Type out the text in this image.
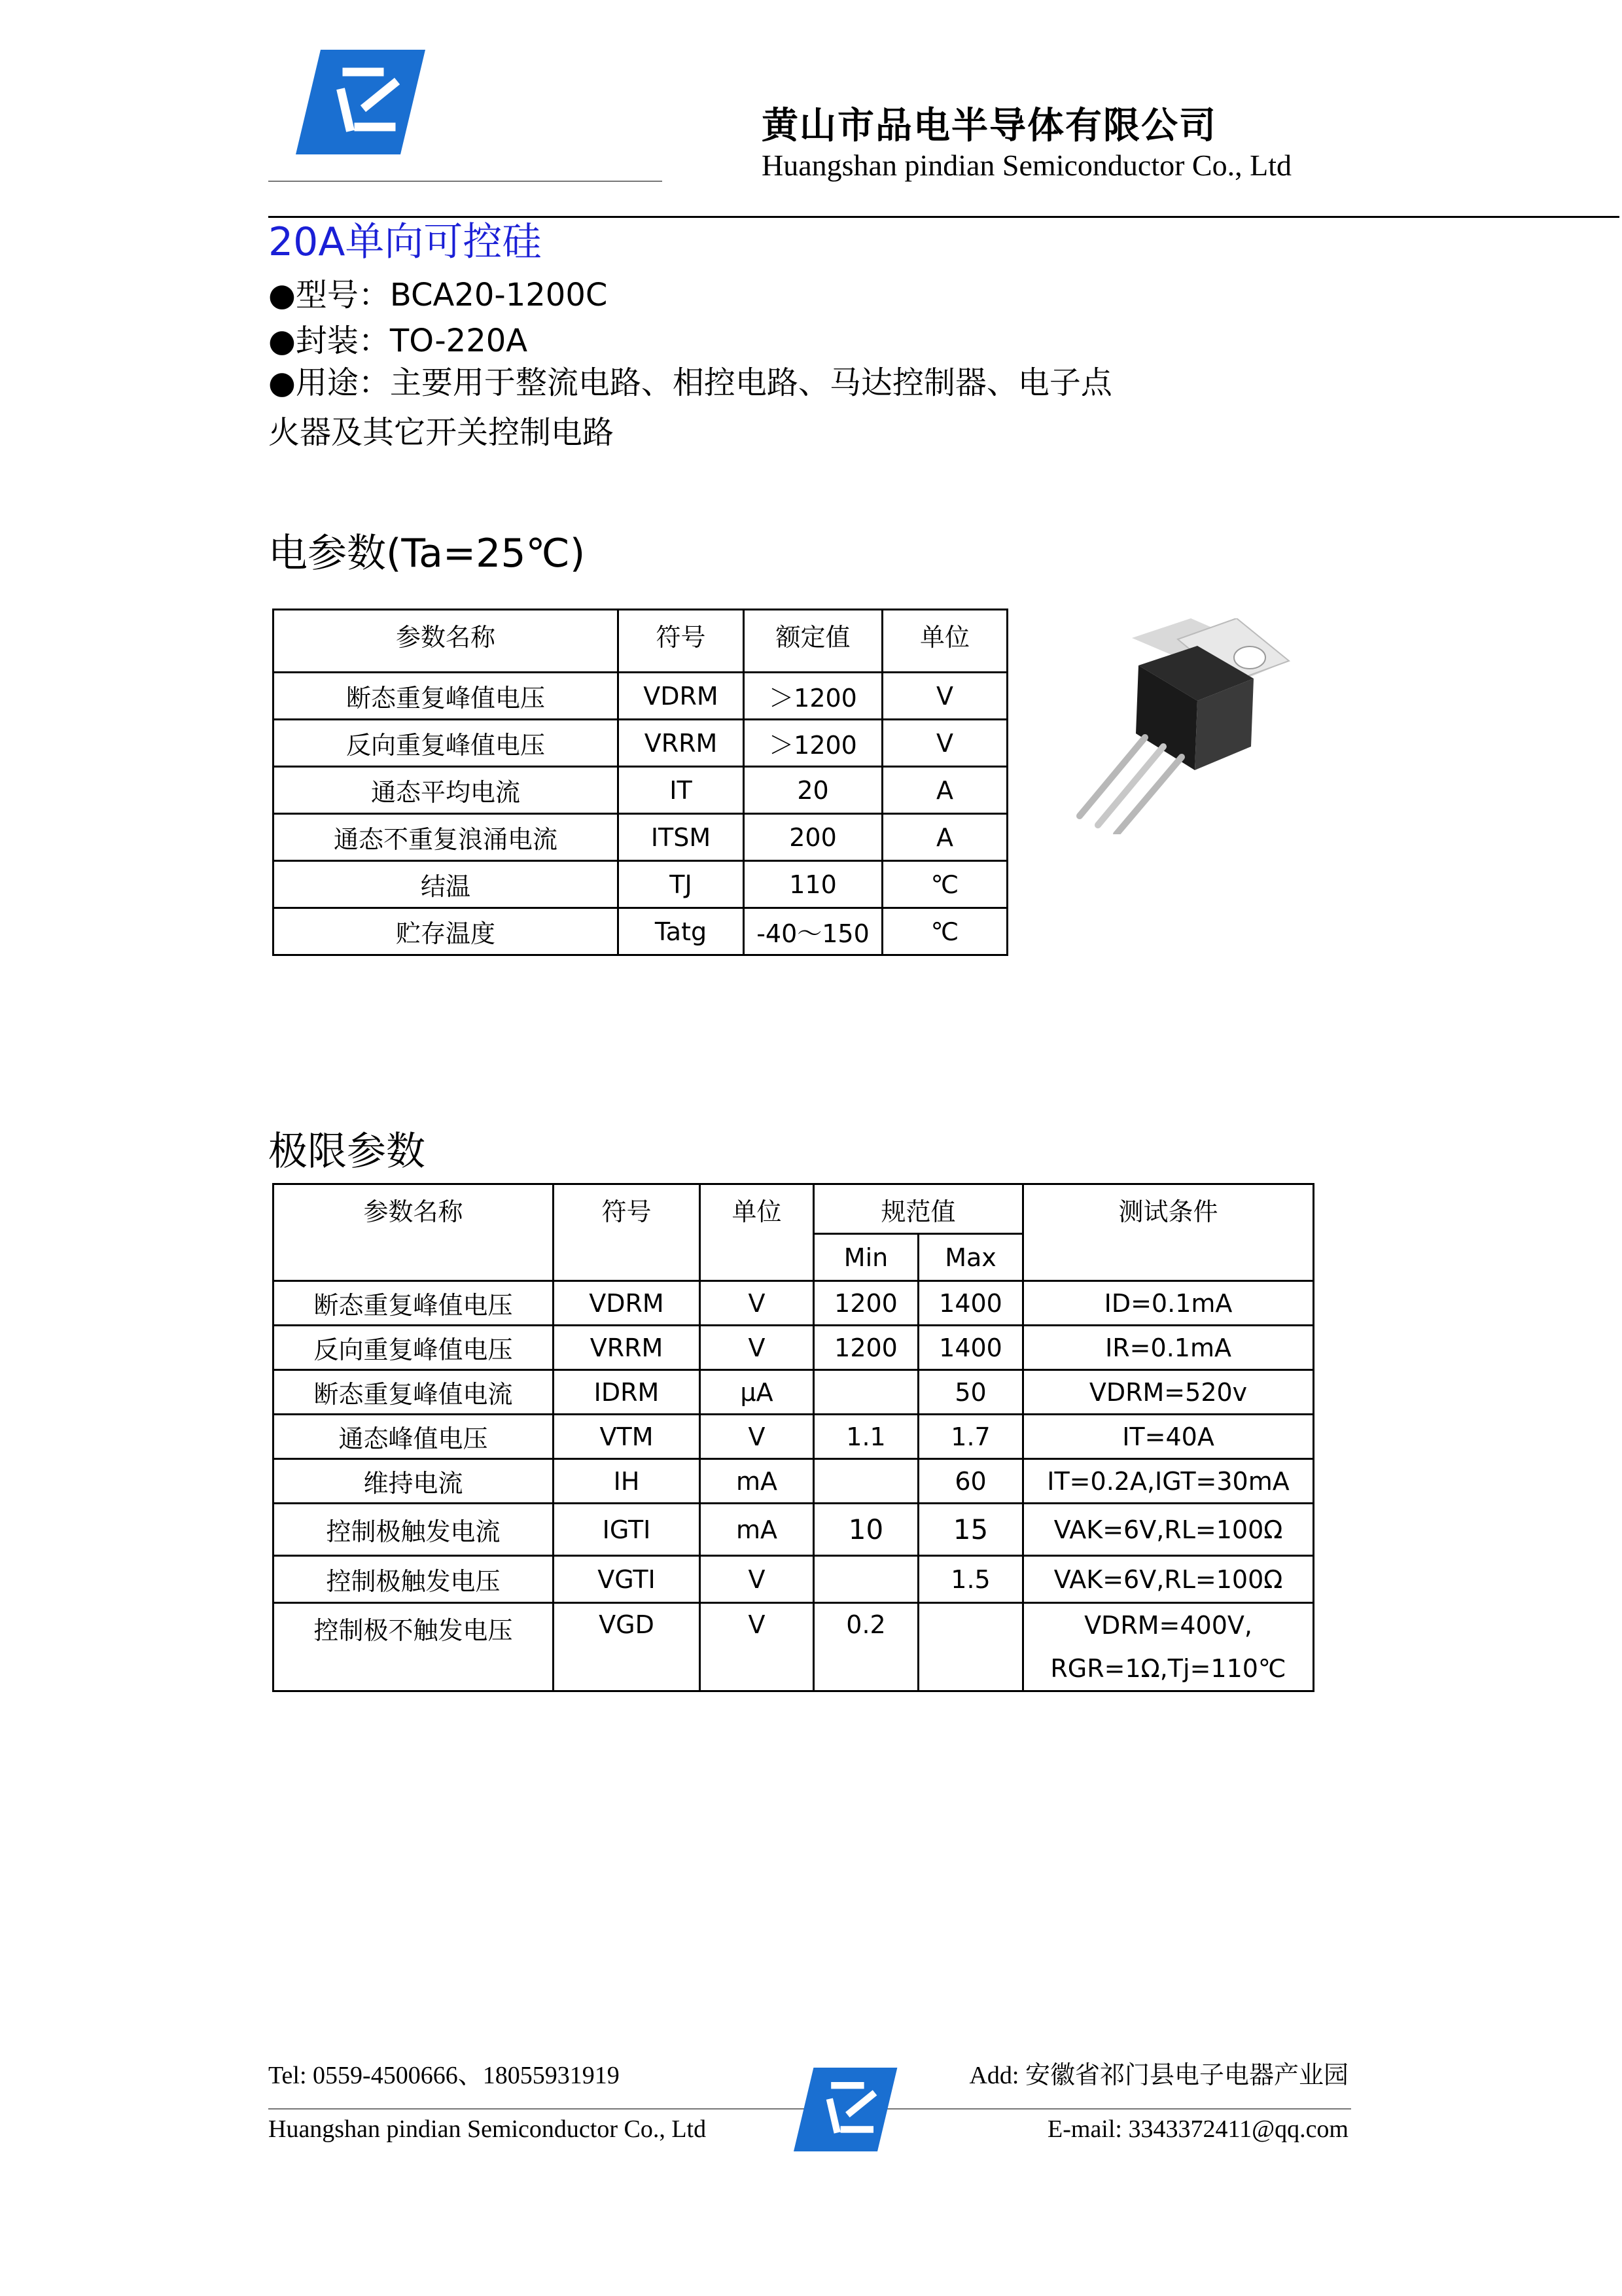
黄山市品电半导体有限公司
Huangshan pindian Semiconductor Co., Ltd
20A单向可控硅
●型号：BCA20-1200C
●封装：TO-220A
●用途：主要用于整流电路、相控电路、马达控制器、电子点
火器及其它开关控制电路
电参数(Ta=25℃)
参数名称	符号	额定值	单位
断态重复峰值电压	VDRM	＞1200	V
反向重复峰值电压	VRRM	＞1200	V
通态平均电流	IT	20	A
通态不重复浪涌电流	ITSM	200	A
结温	TJ	110	℃
贮存温度	Tatg	-40～150	℃
极限参数
参数名称	符号	单位	规范值		测试条件
			Min	Max	
断态重复峰值电压	VDRM	V	1200	1400	ID=0.1mA
反向重复峰值电压	VRRM	V	1200	1400	IR=0.1mA
断态重复峰值电流	IDRM	μA		50	VDRM=520v
通态峰值电压	VTM	V	1.1	1.7	IT=40A
维持电流	IH	mA		60	IT=0.2A,IGT=30mA
控制极触发电流	IGTI	mA	10	15	VAK=6V,RL=100Ω
控制极触发电压	VGTI	V		1.5	VAK=6V,RL=100Ω
控制极不触发电压	VGD	V	0.2		VDRM=400V,
RGR=1Ω,Tj=110℃
Tel: 0559-4500666、18055931919	Add: 安徽省祁门县电子电器产业园
Huangshan pindian Semiconductor Co., Ltd	E-mail: 3343372411@qq.com
